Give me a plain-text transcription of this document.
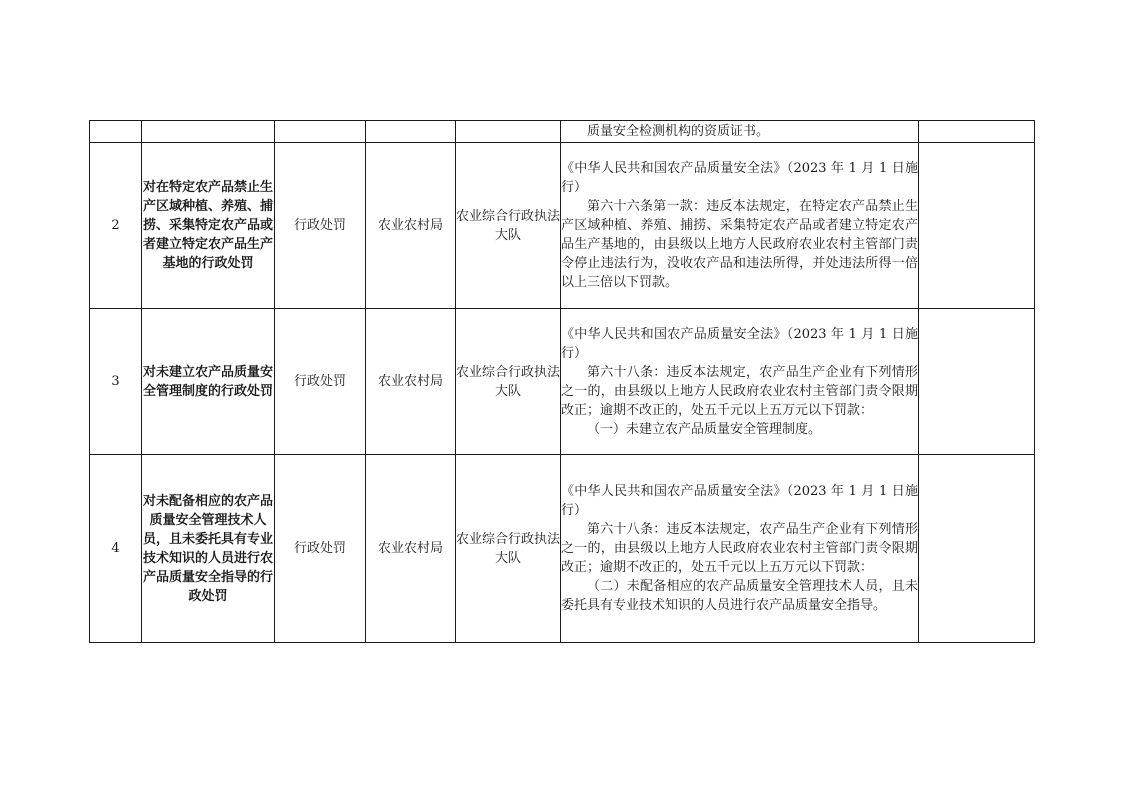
					质量安全检测机构的资质证书。	

2	对在特定农产品禁止生产区域种植、养殖、捕捞、采集特定农产品或者建立特定农产品生产基地的行政处罚	行政处罚	农业农村局	农业综合行政执法大队	《中华人民共和国农产品质量安全法》（2023 年 1 月 1 日施行）

第六十六条第一款：违反本法规定，在特定农产品禁止生产区域种植、养殖、捕捞、采集特定农产品或者建立特定农产品生产基地的，由县级以上地方人民政府农业农村主管部门责令停止违法行为，没收农产品和违法所得，并处违法所得一倍以上三倍以下罚款。	

3	对未建立农产品质量安全管理制度的行政处罚	行政处罚	农业农村局	农业综合行政执法大队	《中华人民共和国农产品质量安全法》（2023 年 1 月 1 日施行）

第六十八条：违反本法规定，农产品生产企业有下列情形之一的，由县级以上地方人民政府农业农村主管部门责令限期改正；逾期不改正的，处五千元以上五万元以下罚款：

（一）未建立农产品质量安全管理制度。	

4	对未配备相应的农产品质量安全管理技术人员，且未委托具有专业技术知识的人员进行农产品质量安全指导的行政处罚	行政处罚	农业农村局	农业综合行政执法大队	《中华人民共和国农产品质量安全法》（2023 年 1 月 1 日施行）

第六十八条：违反本法规定，农产品生产企业有下列情形之一的，由县级以上地方人民政府农业农村主管部门责令限期改正；逾期不改正的，处五千元以上五万元以下罚款：

（二）未配备相应的农产品质量安全管理技术人员，且未委托具有专业技术知识的人员进行农产品质量安全指导。	
